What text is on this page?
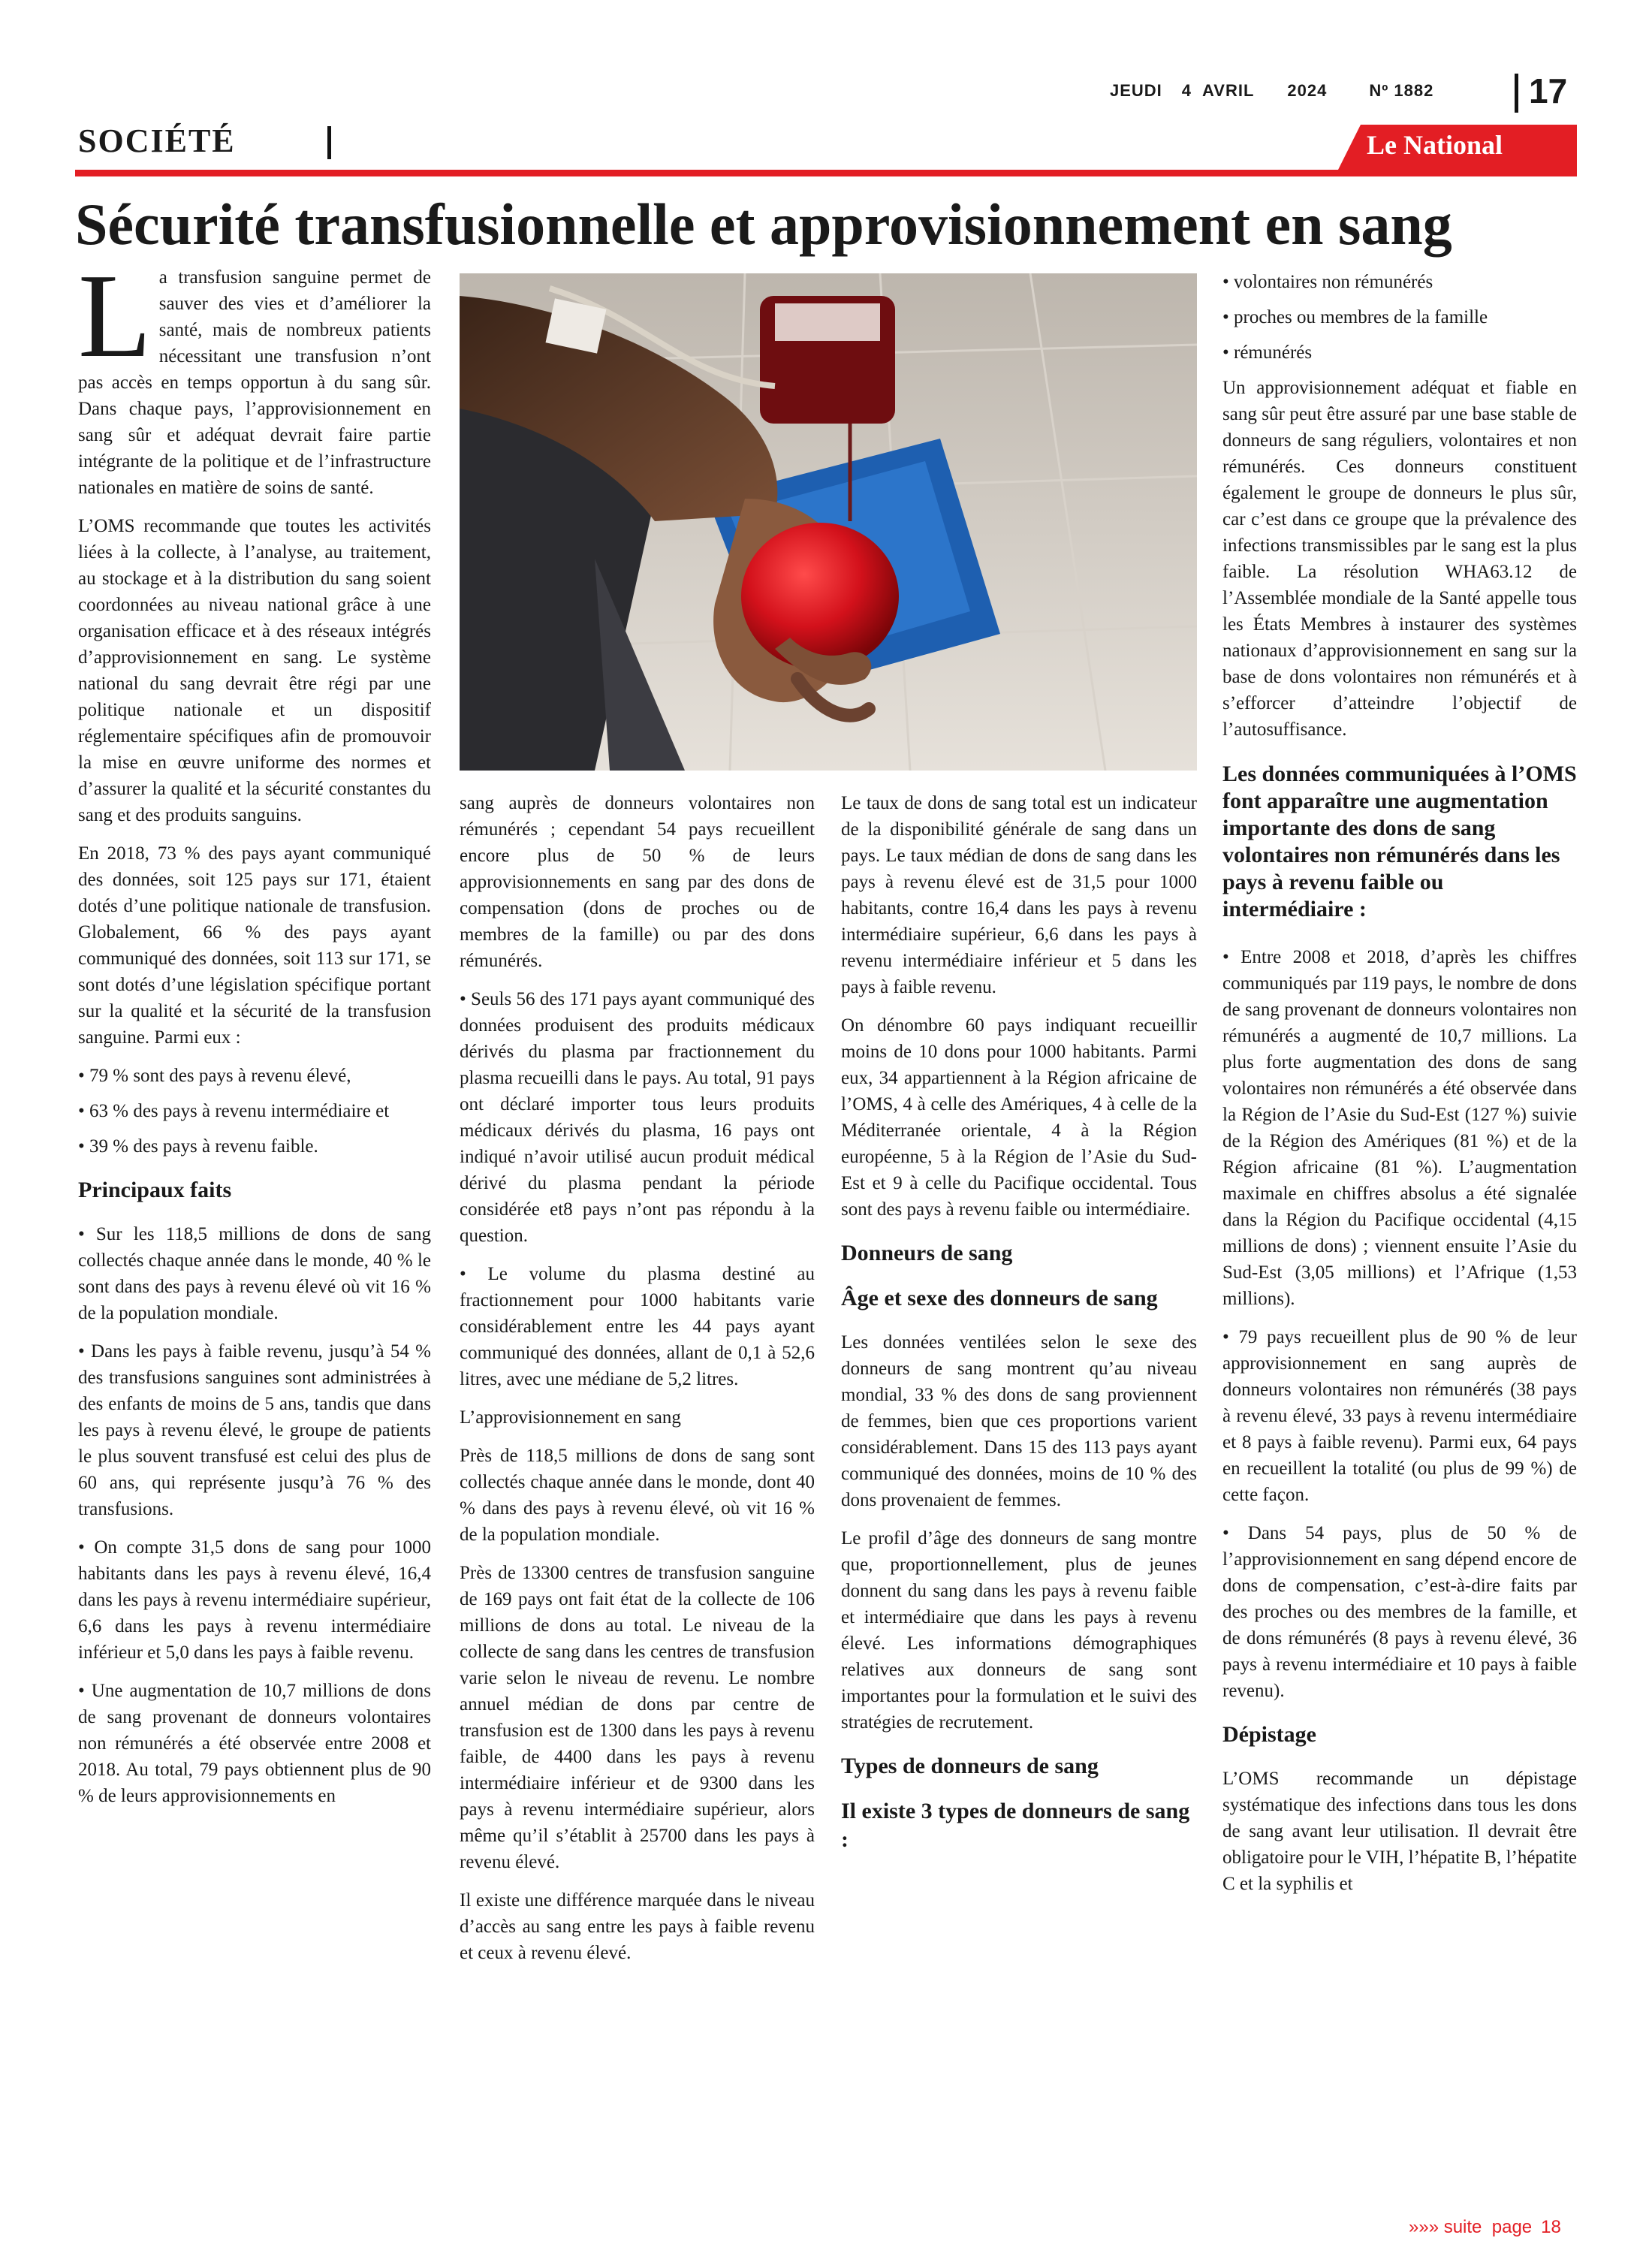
JEUDI 4 AVRIL 2024	Nº 1882	17
SOCIÉTÉ	Le National
Sécurité transfusionnelle et approvisionnement en sang

La transfusion sanguine permet de sauver des vies et d’améliorer la santé, mais de nombreux patients nécessitant une transfusion n’ont pas accès en temps opportun à du sang sûr. Dans chaque pays, l’approvisionnement en sang sûr et adéquat devrait faire partie intégrante de la politique et de l’infrastructure nationales en matière de soins de santé.

L’OMS recommande que toutes les activités liées à la collecte, à l’analyse, au traitement, au stockage et à la distribution du sang soient coordonnées au niveau national grâce à une organisation efficace et à des réseaux intégrés d’approvisionnement en sang. Le système national du sang devrait être régi par une politique nationale et un dispositif réglementaire spécifiques afin de promouvoir la mise en œuvre uniforme des normes et d’assurer la qualité et la sécurité constantes du sang et des produits sanguins.

En 2018, 73 % des pays ayant communiqué des données, soit 125 pays sur 171, étaient dotés d’une politique nationale de transfusion. Globalement, 66 % des pays ayant communiqué des données, soit 113 sur 171, se sont dotés d’une législation spécifique portant sur la qualité et la sécurité de la transfusion sanguine. Parmi eux :

• 79 % sont des pays à revenu élevé,

• 63 % des pays à revenu intermédiaire et

• 39 % des pays à revenu faible.

Principaux faits

• Sur les 118,5 millions de dons de sang collectés chaque année dans le monde, 40 % le sont dans des pays à revenu élevé où vit 16 % de la population mondiale.

• Dans les pays à faible revenu, jusqu’à 54 % des transfusions sanguines sont administrées à des enfants de moins de 5 ans, tandis que dans les pays à revenu élevé, le groupe de patients le plus souvent transfusé est celui des plus de 60 ans, qui représente jusqu’à 76 % des transfusions.

• On compte 31,5 dons de sang pour 1000 habitants dans les pays à revenu élevé, 16,4 dans les pays à revenu intermédiaire supérieur, 6,6 dans les pays à revenu intermédiaire inférieur et 5,0 dans les pays à faible revenu.

• Une augmentation de 10,7 millions de dons de sang provenant de donneurs volontaires non rémunérés a été observée entre 2008 et 2018. Au total, 79 pays obtiennent plus de 90 % de leurs approvisionnements en

sang auprès de donneurs volontaires non rémunérés ; cependant 54 pays recueillent encore plus de 50 % de leurs approvisionnements en sang par des dons de compensation (dons de proches ou de membres de la famille) ou par des dons rémunérés.

• Seuls 56 des 171 pays ayant communiqué des données produisent des produits médicaux dérivés du plasma par fractionnement du plasma recueilli dans le pays. Au total, 91 pays ont déclaré importer tous leurs produits médicaux dérivés du plasma, 16 pays ont indiqué n’avoir utilisé aucun produit médical dérivé du plasma pendant la période considérée et8 pays n’ont pas répondu à la question.

• Le volume du plasma destiné au fractionnement pour 1000 habitants varie considérablement entre les 44 pays ayant communiqué des données, allant de 0,1 à 52,6 litres, avec une médiane de 5,2 litres.

L’approvisionnement en sang

Près de 118,5 millions de dons de sang sont collectés chaque année dans le monde, dont 40 % dans des pays à revenu élevé, où vit 16 % de la population mondiale.

Près de 13300 centres de transfusion sanguine de 169 pays ont fait état de la collecte de 106 millions de dons au total. Le niveau de la collecte de sang dans les centres de transfusion varie selon le niveau de revenu. Le nombre annuel médian de dons par centre de transfusion est de 1300 dans les pays à revenu faible, de 4400 dans les pays à revenu intermédiaire inférieur et de 9300 dans les pays à revenu intermédiaire supérieur, alors même qu’il s’établit à 25700 dans les pays à revenu élevé.

Il existe une différence marquée dans le niveau d’accès au sang entre les pays à faible revenu et ceux à revenu élevé.

Le taux de dons de sang total est un indicateur de la disponibilité générale de sang dans un pays. Le taux médian de dons de sang dans les pays à revenu élevé est de 31,5 pour 1000 habitants, contre 16,4 dans les pays à revenu intermédiaire supérieur, 6,6 dans les pays à revenu intermédiaire inférieur et 5 dans les pays à faible revenu.

On dénombre 60 pays indiquant recueillir moins de 10 dons pour 1000 habitants. Parmi eux, 34 appartiennent à la Région africaine de l’OMS, 4 à celle des Amériques, 4 à celle de la Méditerranée orientale, 4 à la Région européenne, 5 à la Région de l’Asie du Sud-Est et 9 à celle du Pacifique occidental. Tous sont des pays à revenu faible ou intermédiaire.

Donneurs de sang
Âge et sexe des donneurs de sang

Les données ventilées selon le sexe des donneurs de sang montrent qu’au niveau mondial, 33 % des dons de sang proviennent de femmes, bien que ces proportions varient considérablement. Dans 15 des 113 pays ayant communiqué des données, moins de 10 % des dons provenaient de femmes.

Le profil d’âge des donneurs de sang montre que, proportionnellement, plus de jeunes donnent du sang dans les pays à revenu faible et intermédiaire que dans les pays à revenu élevé. Les informations démographiques relatives aux donneurs de sang sont importantes pour la formulation et le suivi des stratégies de recrutement.

Types de donneurs de sang
Il existe 3 types de donneurs de sang :

• volontaires non rémunérés

• proches ou membres de la famille

• rémunérés

Un approvisionnement adéquat et fiable en sang sûr peut être assuré par une base stable de donneurs de sang réguliers, volontaires et non rémunérés. Ces donneurs constituent également le groupe de donneurs le plus sûr, car c’est dans ce groupe que la prévalence des infections transmissibles par le sang est la plus faible. La résolution WHA63.12 de l’Assemblée mondiale de la Santé appelle tous les États Membres à instaurer des systèmes nationaux d’approvisionnement en sang sur la base de dons volontaires non rémunérés et à s’efforcer d’atteindre l’objectif de l’autosuffisance.

Les données communiquées à l’OMS font apparaître une augmentation importante des dons de sang volontaires non rémunérés dans les pays à revenu faible ou intermédiaire :

• Entre 2008 et 2018, d’après les chiffres communiqués par 119 pays, le nombre de dons de sang provenant de donneurs volontaires non rémunérés a augmenté de 10,7 millions. La plus forte augmentation des dons de sang volontaires non rémunérés a été observée dans la Région de l’Asie du Sud-Est (127 %) suivie de la Région des Amériques (81 %) et de la Région africaine (81 %). L’augmentation maximale en chiffres absolus a été signalée dans la Région du Pacifique occidental (4,15 millions de dons) ; viennent ensuite l’Asie du Sud-Est (3,05 millions) et l’Afrique (1,53 millions).

• 79 pays recueillent plus de 90 % de leur approvisionnement en sang auprès de donneurs volontaires non rémunérés (38 pays à revenu élevé, 33 pays à revenu intermédiaire et 8 pays à faible revenu). Parmi eux, 64 pays en recueillent la totalité (ou plus de 99 %) de cette façon.

• Dans 54 pays, plus de 50 % de l’approvisionnement en sang dépend encore de dons de compensation, c’est-à-dire faits par des proches ou des membres de la famille, et de dons rémunérés (8 pays à revenu élevé, 36 pays à revenu intermédiaire et 10 pays à faible revenu).

Dépistage

L’OMS recommande un dépistage systématique des infections dans tous les dons de sang avant leur utilisation. Il devrait être obligatoire pour le VIH, l’hépatite B, l’hépatite C et la syphilis et

»»» suite  page 18
